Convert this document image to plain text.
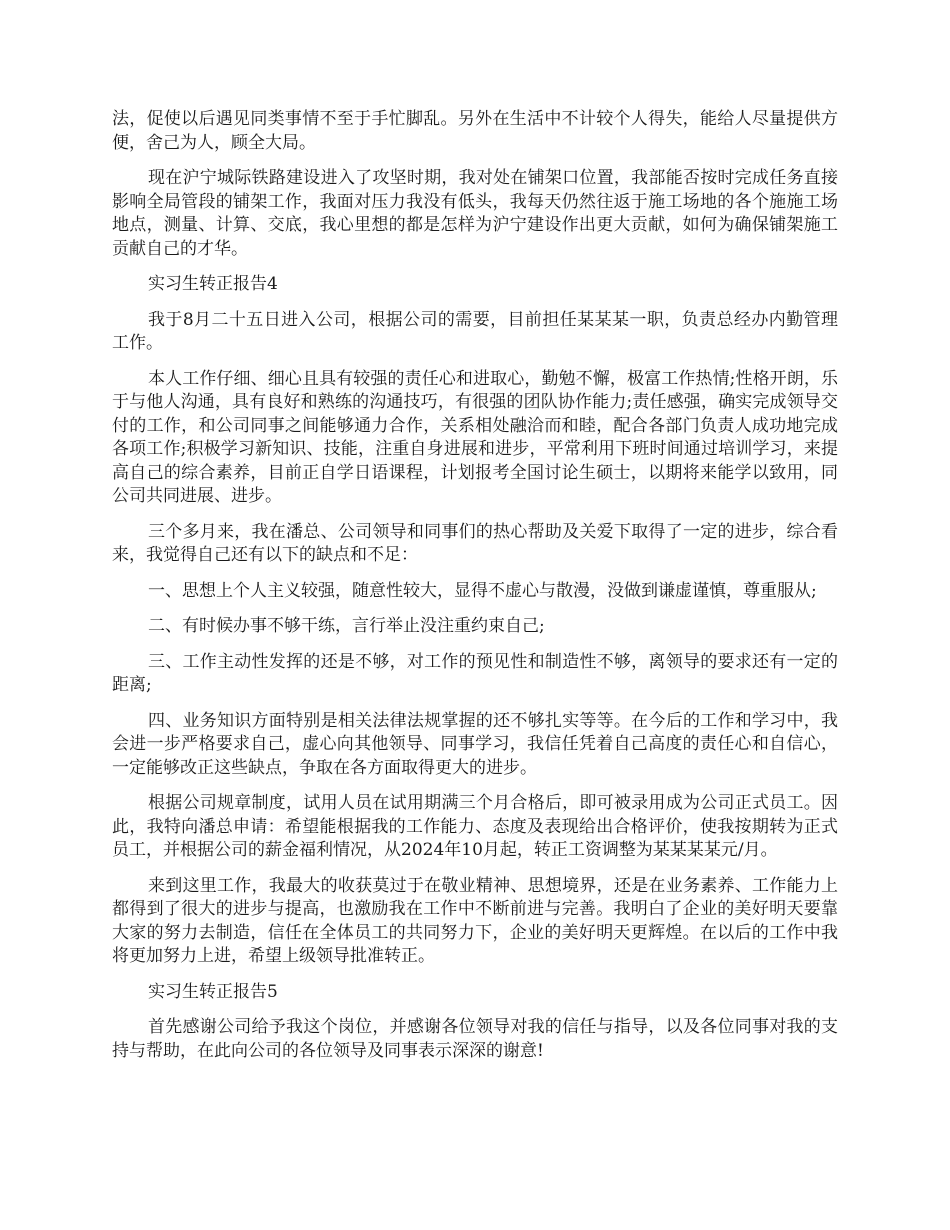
法，促使以后遇见同类事情不至于手忙脚乱。另外在生活中不计较个人得失，能给人尽量提供方便，舍己为人，顾全大局。

现在沪宁城际铁路建设进入了攻坚时期，我对处在铺架口位置，我部能否按时完成任务直接影响全局管段的铺架工作，我面对压力我没有低头，我每天仍然往返于施工场地的各个施施工场地点，测量、计算、交底，我心里想的都是怎样为沪宁建设作出更大贡献，如何为确保铺架施工贡献自己的才华。

实习生转正报告4

我于8月二十五日进入公司，根据公司的需要，目前担任某某某一职，负责总经办内勤管理工作。

本人工作仔细、细心且具有较强的责任心和进取心，勤勉不懈，极富工作热情;性格开朗，乐于与他人沟通，具有良好和熟练的沟通技巧，有很强的团队协作能力;责任感强，确实完成领导交付的工作，和公司同事之间能够通力合作，关系相处融洽而和睦，配合各部门负责人成功地完成各项工作;积极学习新知识、技能，注重自身进展和进步，平常利用下班时间通过培训学习，来提高自己的综合素养，目前正自学日语课程，计划报考全国讨论生硕士，以期将来能学以致用，同公司共同进展、进步。

三个多月来，我在潘总、公司领导和同事们的热心帮助及关爱下取得了一定的进步，综合看来，我觉得自己还有以下的缺点和不足：

一、思想上个人主义较强，随意性较大，显得不虚心与散漫，没做到谦虚谨慎，尊重服从;

二、有时候办事不够干练，言行举止没注重约束自己;

三、工作主动性发挥的还是不够，对工作的预见性和制造性不够，离领导的要求还有一定的距离;

四、业务知识方面特别是相关法律法规掌握的还不够扎实等等。在今后的工作和学习中，我会进一步严格要求自己，虚心向其他领导、同事学习，我信任凭着自己高度的责任心和自信心，一定能够改正这些缺点，争取在各方面取得更大的进步。

根据公司规章制度，试用人员在试用期满三个月合格后，即可被录用成为公司正式员工。因此，我特向潘总申请：希望能根据我的工作能力、态度及表现给出合格评价，使我按期转为正式员工，并根据公司的薪金福利情况，从2024年10月起，转正工资调整为某某某某元/月。

来到这里工作，我最大的收获莫过于在敬业精神、思想境界，还是在业务素养、工作能力上都得到了很大的进步与提高，也激励我在工作中不断前进与完善。我明白了企业的美好明天要靠大家的努力去制造，信任在全体员工的共同努力下，企业的美好明天更辉煌。在以后的工作中我将更加努力上进，希望上级领导批准转正。

实习生转正报告5

首先感谢公司给予我这个岗位，并感谢各位领导对我的信任与指导，以及各位同事对我的支持与帮助，在此向公司的各位领导及同事表示深深的谢意!
